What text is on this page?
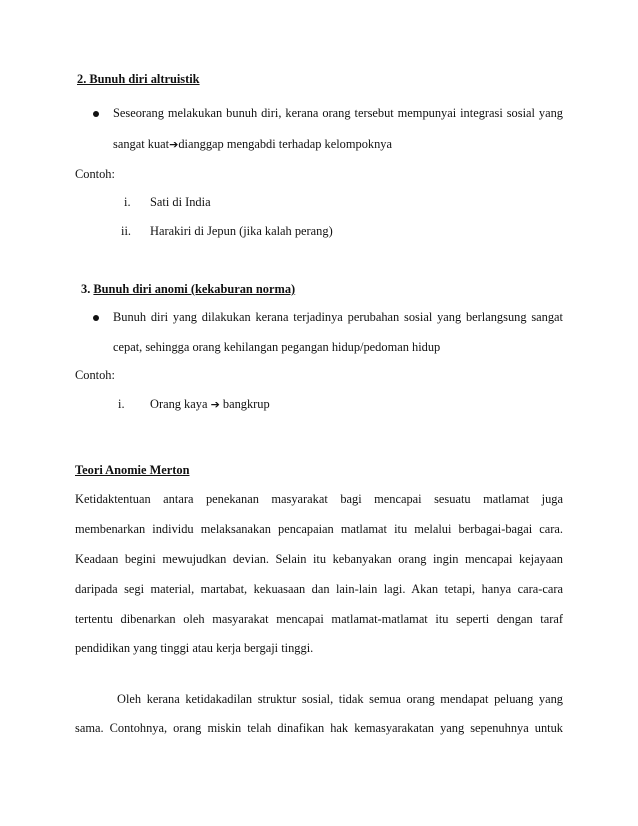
2. Bunuh diri altruistik
Seseorang melakukan bunuh diri, kerana orang tersebut mempunyai integrasi sosial yang
sangat kuat➔dianggap mengabdi terhadap kelompoknya
Contoh:
i. Sati di India
ii. Harakiri di Jepun (jika kalah perang)
3. Bunuh diri anomi (kekaburan norma)
Bunuh diri yang dilakukan kerana terjadinya perubahan sosial yang berlangsung sangat
cepat, sehingga orang kehilangan pegangan hidup/pedoman hidup
Contoh:
i. Orang kaya ➔ bangkrup
Teori Anomie Merton
Ketidaktentuan antara penekanan masyarakat bagi mencapai sesuatu matlamat juga
membenarkan individu melaksanakan pencapaian matlamat itu melalui berbagai-bagai cara.
Keadaan begini mewujudkan devian. Selain itu kebanyakan orang ingin mencapai kejayaan
daripada segi material, martabat, kekuasaan dan lain-lain lagi. Akan tetapi, hanya cara-cara
tertentu dibenarkan oleh masyarakat mencapai matlamat-matlamat itu seperti dengan taraf
pendidikan yang tinggi atau kerja bergaji tinggi.
Oleh kerana ketidakadilan struktur sosial, tidak semua orang mendapat peluang yang
sama. Contohnya, orang miskin telah dinafikan hak kemasyarakatan yang sepenuhnya untuk
